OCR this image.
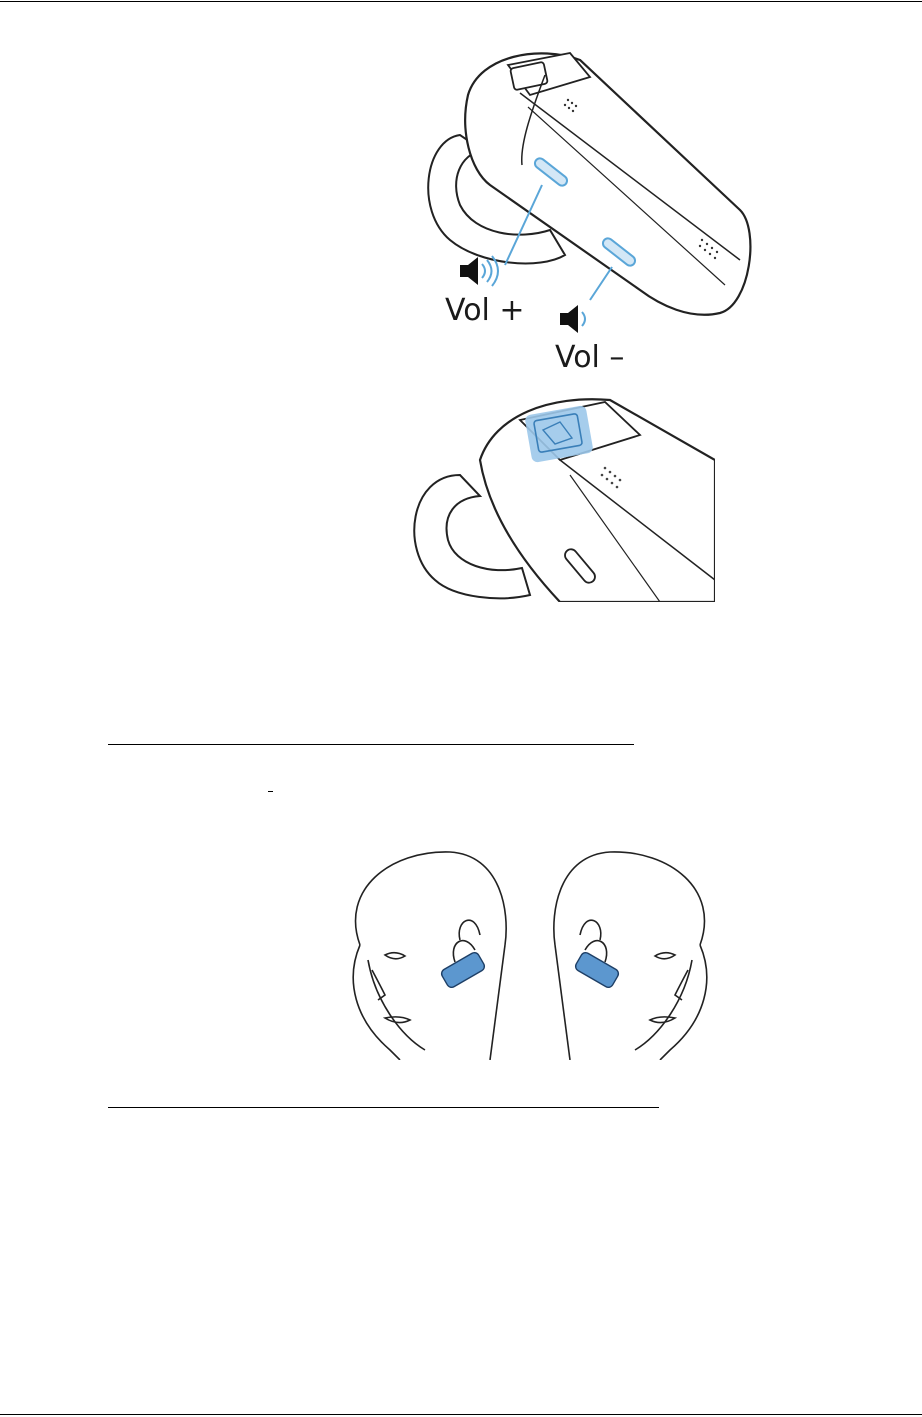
Vol +
Vol –
